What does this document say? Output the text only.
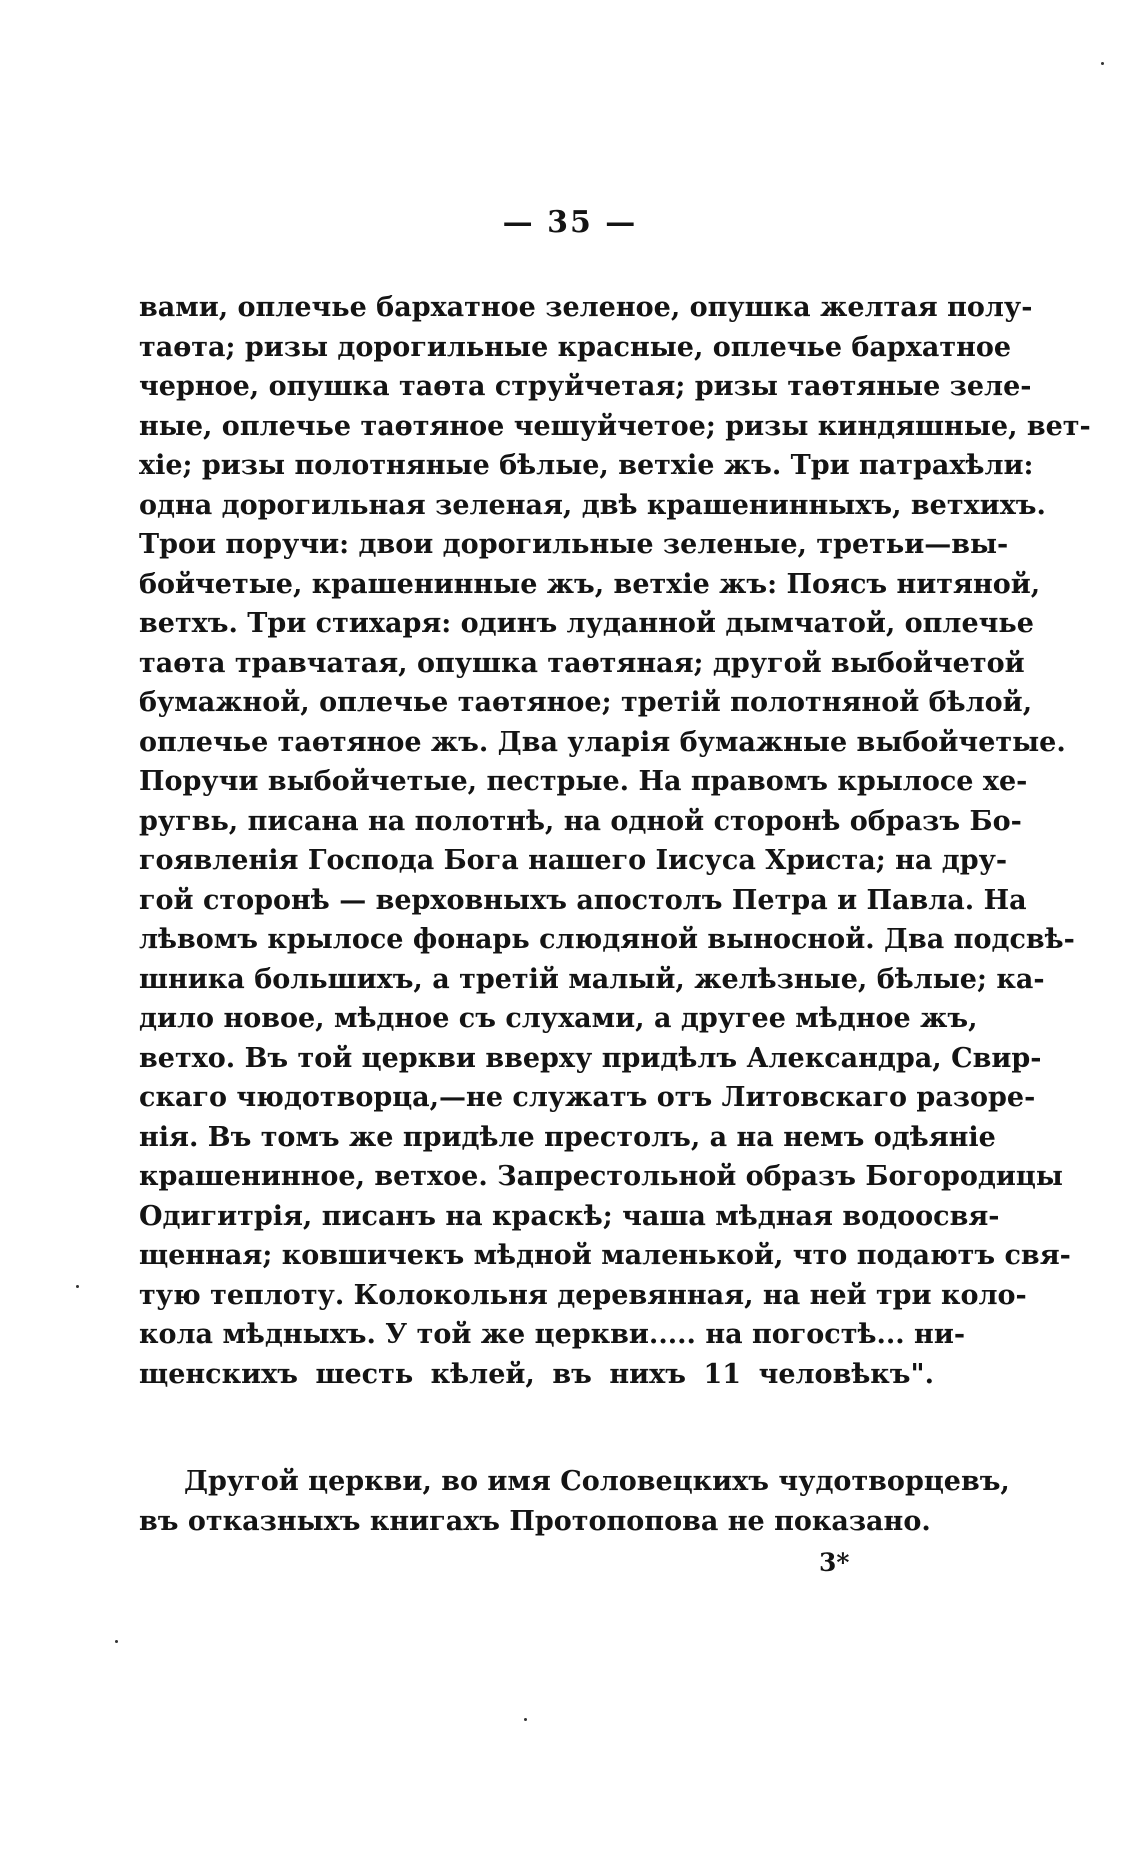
— 35 —
вами, оплечье бархатное зеленое, опушка желтая полу-
таөта; ризы дорогильные красные, оплечье бархатное
черное, опушка таөта струйчетая; ризы таөтяные зеле-
ные, оплечье таөтяное чешуйчетое; ризы киндяшные, вет-
хіе; ризы полотняные бѣлые, ветхіе жъ. Три патрахѣли:
одна дорогильная зеленая, двѣ крашенинныхъ, ветхихъ.
Трои поручи: двои дорогильные зеленые, третьи—вы-
бойчетые, крашенинные жъ, ветхіе жъ: Поясъ нитяной,
ветхъ. Три стихаря: одинъ луданной дымчатой, оплечье
таөта травчатая, опушка таөтяная; другой выбойчетой
бумажной, оплечье таөтяное; третій полотняной бѣлой,
оплечье таөтяное жъ. Два уларія бумажные выбойчетые.
Поручи выбойчетые, пестрые. На правомъ крылосе хе-
ругвь, писана на полотнѣ, на одной сторонѣ образъ Бо-
гоявленія Господа Бога нашего Іисуса Христа; на дру-
гой сторонѣ — верховныхъ апостолъ Петра и Павла. На
лѣвомъ крылосе фонарь слюдяной выносной. Два подсвѣ-
шника большихъ, а третій малый, желѣзные, бѣлые; ка-
дило новое, мѣдное съ слухами, а другее мѣдное жъ,
ветхо. Въ той церкви вверху придѣлъ Александра, Свир-
скаго чюдотворца,—не служатъ отъ Литовскаго разоре-
нія. Въ томъ же придѣле престолъ, а на немъ одѣяніе
крашенинное, ветхое. Запрестольной образъ Богородицы
Одигитрія, писанъ на краскѣ; чаша мѣдная водоосвя-
щенная; ковшичекъ мѣдной маленькой, что подаютъ свя-
тую теплоту. Колокольня деревянная, на ней три коло-
кола мѣдныхъ. У той же церкви..... на погостѣ... ни-
щенскихъ шесть кѣлей, въ нихъ 11 человѣкъ".
Другой церкви, во имя Соловецкихъ чудотворцевъ,
въ отказныхъ книгахъ Протопопова не показано.
3*
